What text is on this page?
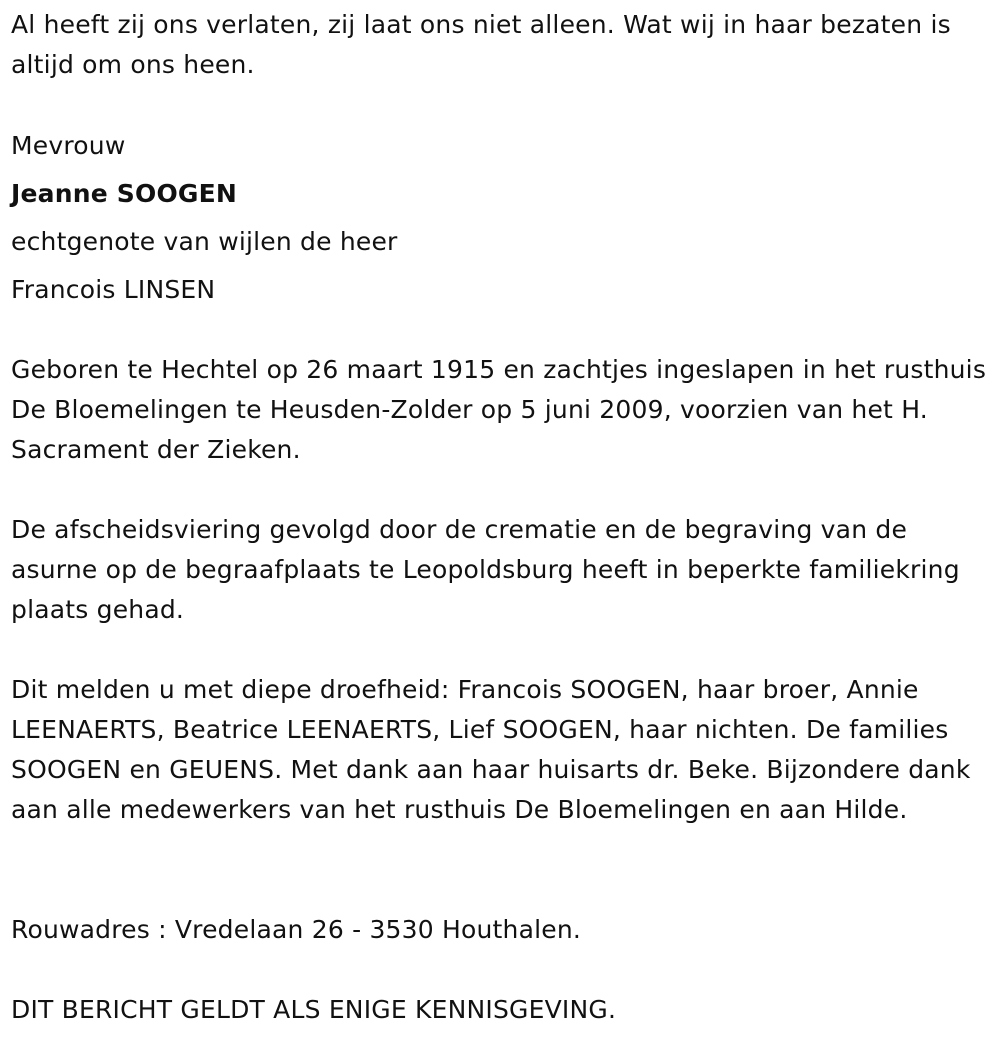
Al heeft zij ons verlaten, zij laat ons niet alleen. Wat wij in haar bezaten is altijd om ons heen.

Mevrouw

Jeanne SOOGEN

echtgenote van wijlen de heer

Francois LINSEN

Geboren te Hechtel op 26 maart 1915 en zachtjes ingeslapen in het rusthuis De Bloemelingen te Heusden-Zolder op 5 juni 2009, voorzien van het H. Sacrament der Zieken.

De afscheidsviering gevolgd door de crematie en de begraving van de asurne op de begraafplaats te Leopoldsburg heeft in beperkte familiekring plaats gehad.

Dit melden u met diepe droefheid: Francois SOOGEN, haar broer, Annie LEENAERTS, Beatrice LEENAERTS, Lief SOOGEN, haar nichten. De families SOOGEN en GEUENS. Met dank aan haar huisarts dr. Beke. Bijzondere dank aan alle medewerkers van het rusthuis De Bloemelingen en aan Hilde.

Rouwadres : Vredelaan 26 - 3530 Houthalen.

DIT BERICHT GELDT ALS ENIGE KENNISGEVING.
